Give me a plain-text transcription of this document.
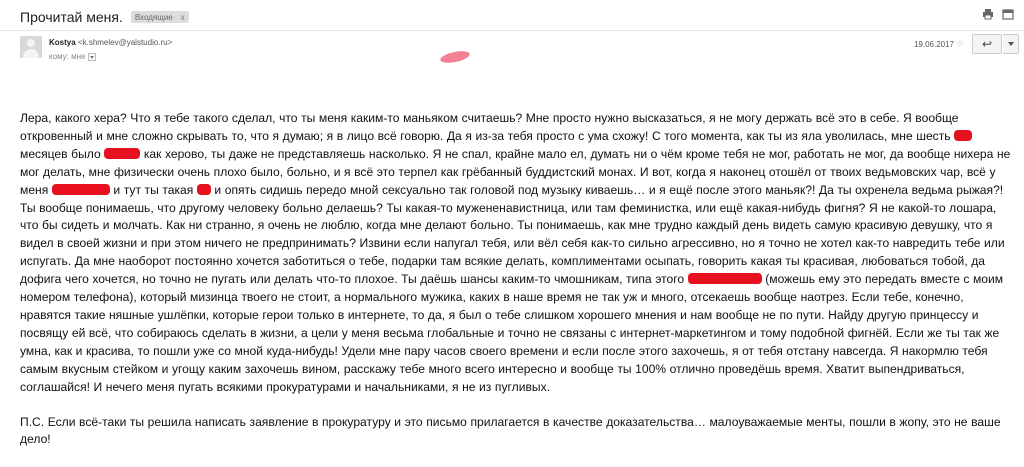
Прочитай меня. Входящие x
Kostya <k.shmelev@yalstudio.ru>
кому: мне
19.06.2017 ☆ ↩

Лера, какого хера? Что я тебе такого сделал, что ты меня каким-то маньяком считаешь? Мне просто нужно высказаться, я не могу держать всё это в себе. Я вообще откровенный и мне сложно скрывать то, что я думаю; я в лицо всё говорю. Да я из-за тебя просто с ума схожу! С того момента, как ты из яла уволилась, мне шесть  месяцев было	как херово, ты даже не представляешь насколько. Я не спал, крайне мало ел, думать ни о чём кроме тебя не мог, работать не мог, да вообще нихера не мог делать, мне физически очень плохо было, больно, и я всё это терпел как грёбанный буддистский монах. И вот, когда я наконец отошёл от твоих ведьмовских чар, всё у меня	и тут ты такая и опять сидишь передо мной сексуально так головой под музыку киваешь… и я ещё после этого маньяк?! Да ты охренела ведьма рыжая?! Ты вообще понимаешь, что другому человеку больно делаешь? Ты какая-то мужененавистница, или там феминистка, или ещё какая-нибудь фигня? Я не какой-то лошара, что бы сидеть и молчать. Как ни странно, я очень не люблю, когда мне делают больно. Ты понимаешь, как мне трудно каждый день видеть самую красивую девушку, что я видел в своей жизни и при этом ничего не предпринимать? Извини если напугал тебя, или вёл себя как-то сильно агрессивно, но я точно не хотел как-то навредить тебе или испугать. Да мне наоборот постоянно хочется заботиться о тебе, подарки там всякие делать, комплиментами осыпать, говорить какая ты красивая, любоваться тобой, да дофига чего хочется, но точно не пугать или делать что-то плохое. Ты даёшь шансы каким-то чмошникам, типа этого	(можешь ему это передать вместе с моим номером телефона), который мизинца твоего не стоит, а нормального мужика, каких в наше время не так уж и много, отсекаешь вообще наотрез. Если тебе, конечно, нравятся такие няшные ушлёпки, которые герои только в интернете, то да, я был о тебе слишком хорошего мнения и нам вообще не по пути. Найду другую принцессу и посвящу ей всё, что собираюсь сделать в жизни, а цели у меня весьма глобальные и точно не связаны с интернет-маркетингом и тому подобной фигнёй. Если же ты так же умна, как и красива, то пошли уже со мной куда-нибудь! Удели мне пару часов своего времени и если после этого захочешь, я от тебя отстану навсегда. Я накормлю тебя самым вкусным стейком и угощу каким захочешь вином, расскажу тебе много всего интересно и вообще ты 100% отлично проведёшь время. Хватит выпендриваться, соглашайся! И нечего меня пугать всякими прокуратурами и начальниками, я не из пугливых.

П.С. Если всё-таки ты решила написать заявление в прокуратуру и это письмо прилагается в качестве доказательства… малоуважаемые менты, пошли в жопу, это не ваше дело!
